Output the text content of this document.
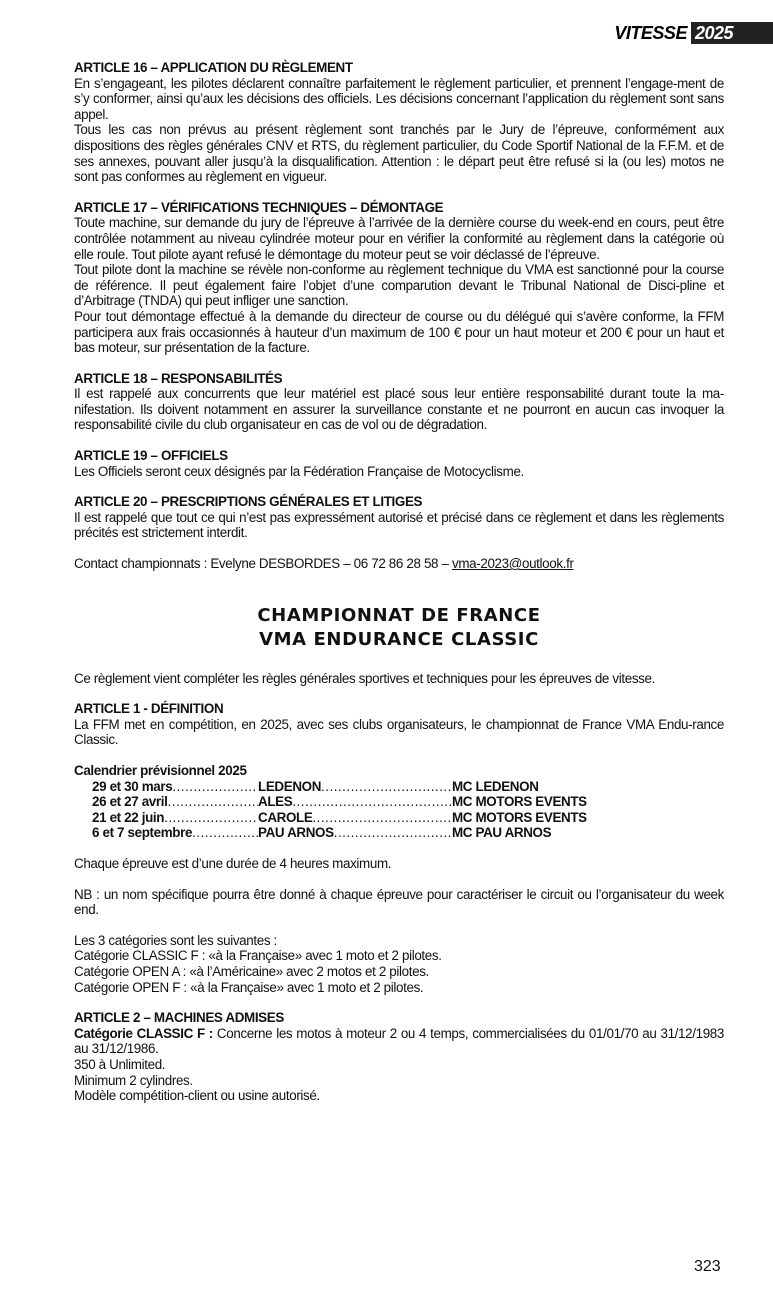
VITESSE 2025
ARTICLE 16 – APPLICATION DU RÈGLEMENT

En s’engageant, les pilotes déclarent connaître parfaitement le règlement particulier, et prennent l’engage-ment de s’y conformer, ainsi qu’aux les décisions des officiels. Les décisions concernant l’application du règlement sont sans appel.

Tous les cas non prévus au présent règlement sont tranchés par le Jury de l’épreuve, conformément aux dispositions des règles générales CNV et RTS, du règlement particulier, du Code Sportif National de la F.F.M. et de ses annexes, pouvant aller jusqu’à la disqualification. Attention : le départ peut être refusé si la (ou les) motos ne sont pas conformes au règlement en vigueur.

ARTICLE 17 – VÉRIFICATIONS TECHNIQUES – DÉMONTAGE

Toute machine, sur demande du jury de l’épreuve à l’arrivée de la dernière course du week-end en cours, peut être contrôlée notamment au niveau cylindrée moteur pour en vérifier la conformité au règlement dans la catégorie où elle roule. Tout pilote ayant refusé le démontage du moteur peut se voir déclassé de l’épreuve.

Tout pilote dont la machine se révèle non-conforme au règlement technique du VMA est sanctionné pour la course de référence. Il peut également faire l’objet d’une comparution devant le Tribunal National de Disci-pline et d’Arbitrage (TNDA) qui peut infliger une sanction.

Pour tout démontage effectué à la demande du directeur de course ou du délégué qui s’avère conforme, la FFM participera aux frais occasionnés à hauteur d’un maximum de 100 € pour un haut moteur et 200 € pour un haut et bas moteur, sur présentation de la facture.

ARTICLE 18 – RESPONSABILITÉS

Il est rappelé aux concurrents que leur matériel est placé sous leur entière responsabilité durant toute la ma-nifestation. Ils doivent notamment en assurer la surveillance constante et ne pourront en aucun cas invoquer la responsabilité civile du club organisateur en cas de vol ou de dégradation.

ARTICLE 19 – OFFICIELS

Les Officiels seront ceux désignés par la Fédération Française de Motocyclisme.

ARTICLE 20 – PRESCRIPTIONS GÉNÉRALES ET LITIGES

Il est rappelé que tout ce qui n’est pas expressément autorisé et précisé dans ce règlement et dans les règlements précités est strictement interdit.

Contact championnats : Evelyne DESBORDES – 06 72 86 28 58 – vma-2023@outlook.fr

CHAMPIONNAT DE FRANCE
VMA ENDURANCE CLASSIC

Ce règlement vient compléter les règles générales sportives et techniques pour les épreuves de vitesse.

ARTICLE 1 - DÉFINITION

La FFM met en compétition, en 2025, avec ses clubs organisateurs, le championnat de France VMA Endu-rance Classic.

Calendrier prévisionnel 2025
29 et 30 mars .....	LEDENON .....	MC LEDENON
26 et 27 avril .....	ALES .....	MC MOTORS EVENTS
21 et 22 juin .....	CAROLE .....	MC MOTORS EVENTS
6 et 7 septembre .....	PAU ARNOS .....	MC PAU ARNOS

Chaque épreuve est d’une durée de 4 heures maximum.

NB : un nom spécifique pourra être donné à chaque épreuve pour caractériser le circuit ou l’organisateur du week end.

Les 3 catégories sont les suivantes :

Catégorie CLASSIC F : «à la Française» avec 1 moto et 2 pilotes.

Catégorie OPEN A : «à l’Américaine» avec 2 motos et 2 pilotes.

Catégorie OPEN F : «à la Française» avec 1 moto et 2 pilotes.

ARTICLE 2 – MACHINES ADMISES

Catégorie CLASSIC F : Concerne les motos à moteur 2 ou 4 temps, commercialisées du 01/01/70 au 31/12/1983 au 31/12/1986.

350 à Unlimited.

Minimum 2 cylindres.

Modèle compétition-client ou usine autorisé.

323
